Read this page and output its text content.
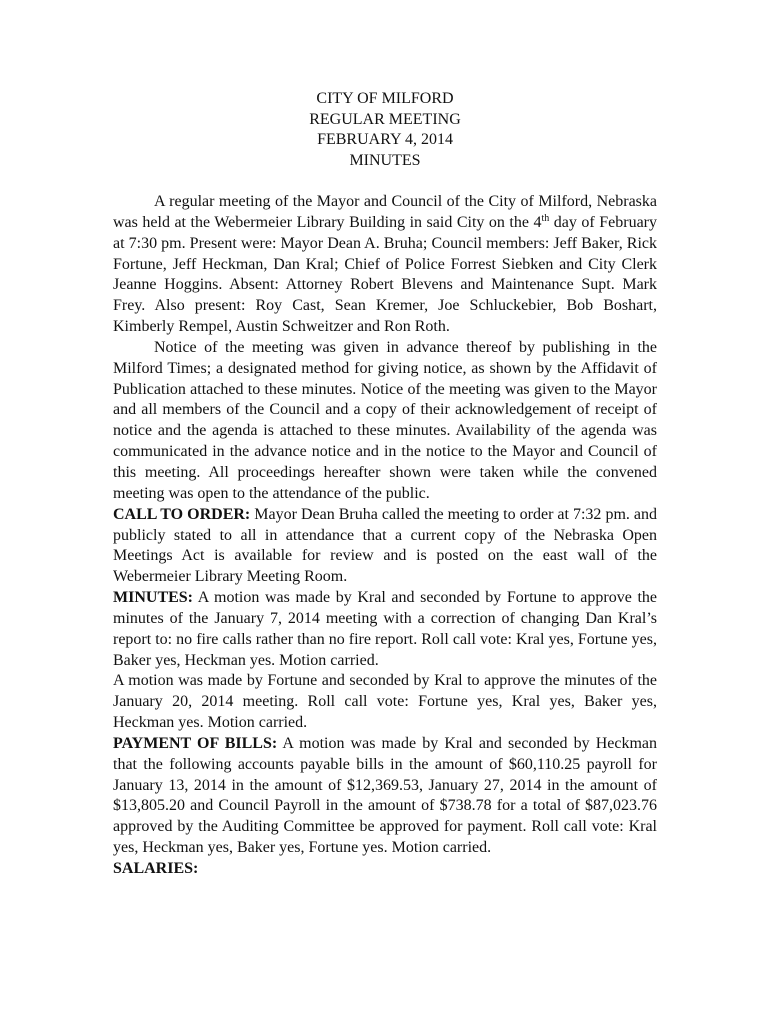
CITY OF MILFORD
REGULAR MEETING
FEBRUARY 4, 2014
MINUTES

A regular meeting of the Mayor and Council of the City of Milford, Nebraska was held at the Webermeier Library Building in said City on the 4th day of February at 7:30 pm. Present were: Mayor Dean A. Bruha; Council members: Jeff Baker, Rick Fortune, Jeff Heckman, Dan Kral; Chief of Police Forrest Siebken and City Clerk Jeanne Hoggins. Absent: Attorney Robert Blevens and Maintenance Supt. Mark Frey. Also present: Roy Cast, Sean Kremer, Joe Schluckebier, Bob Boshart, Kimberly Rempel, Austin Schweitzer and Ron Roth.

Notice of the meeting was given in advance thereof by publishing in the Milford Times; a designated method for giving notice, as shown by the Affidavit of Publication attached to these minutes. Notice of the meeting was given to the Mayor and all members of the Council and a copy of their acknowledgement of receipt of notice and the agenda is attached to these minutes. Availability of the agenda was communicated in the advance notice and in the notice to the Mayor and Council of this meeting. All proceedings hereafter shown were taken while the convened meeting was open to the attendance of the public.

CALL TO ORDER: Mayor Dean Bruha called the meeting to order at 7:32 pm. and publicly stated to all in attendance that a current copy of the Nebraska Open Meetings Act is available for review and is posted on the east wall of the Webermeier Library Meeting Room.

MINUTES: A motion was made by Kral and seconded by Fortune to approve the minutes of the January 7, 2014 meeting with a correction of changing Dan Kral’s report to: no fire calls rather than no fire report. Roll call vote: Kral yes, Fortune yes, Baker yes, Heckman yes. Motion carried.

A motion was made by Fortune and seconded by Kral to approve the minutes of the January 20, 2014 meeting. Roll call vote: Fortune yes, Kral yes, Baker yes, Heckman yes. Motion carried.

PAYMENT OF BILLS: A motion was made by Kral and seconded by Heckman that the following accounts payable bills in the amount of $60,110.25 payroll for January 13, 2014 in the amount of $12,369.53, January 27, 2014 in the amount of $13,805.20 and Council Payroll in the amount of $738.78 for a total of $87,023.76 approved by the Auditing Committee be approved for payment. Roll call vote: Kral yes, Heckman yes, Baker yes, Fortune yes. Motion carried.

SALARIES:
